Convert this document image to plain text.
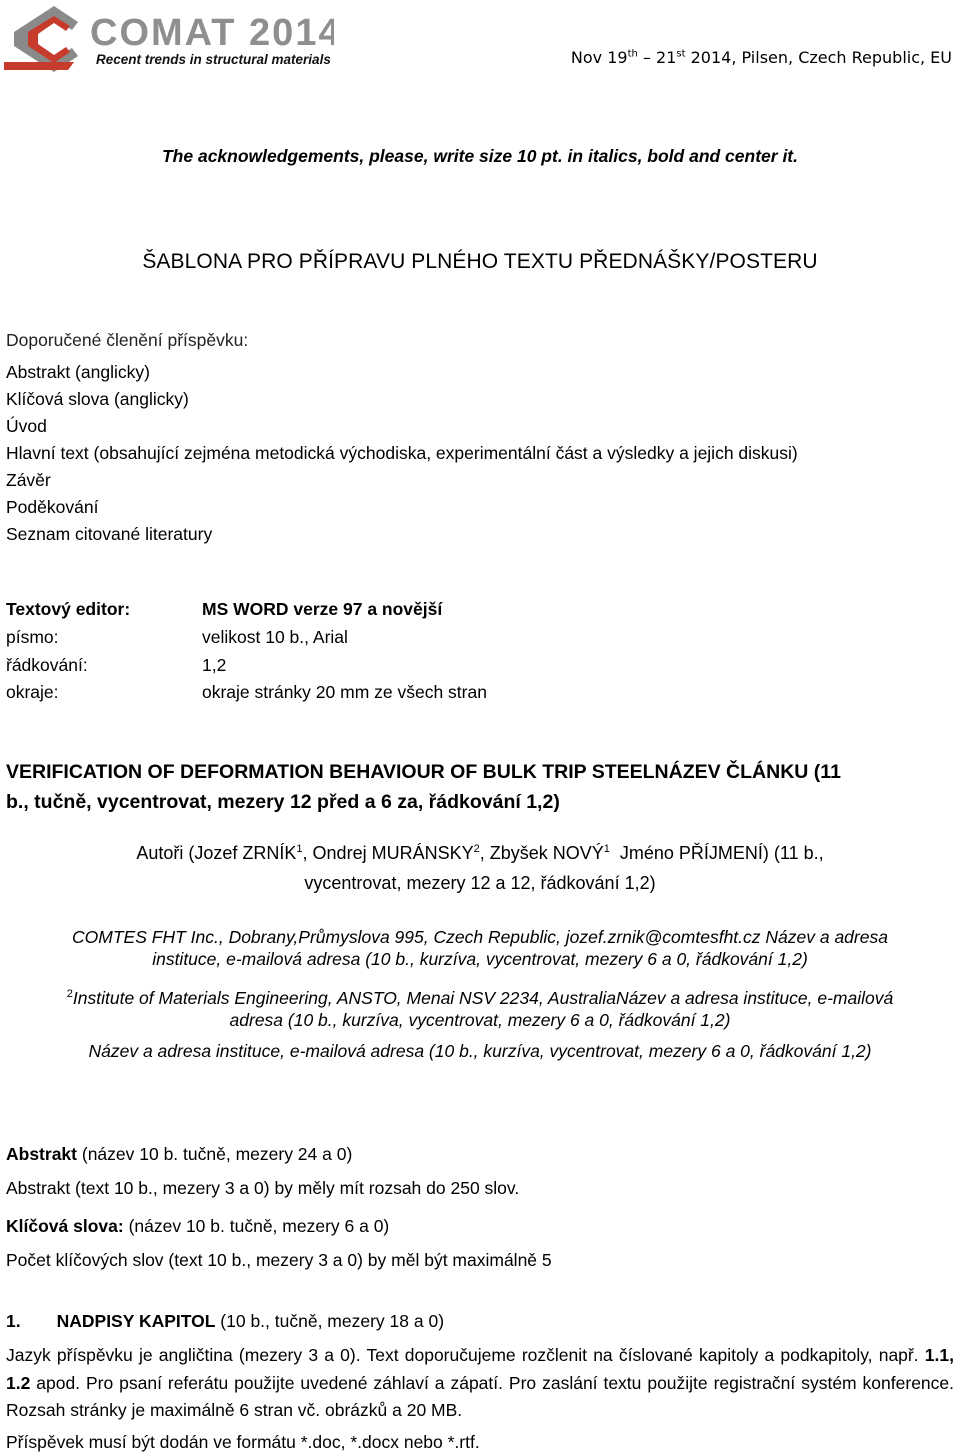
COMAT 2014
Recent trends in structural materials	Nov 19th – 21st 2014, Pilsen, Czech Republic, EU
The acknowledgements, please, write size 10 pt. in italics, bold and center it.
ŠABLONA PRO PŘÍPRAVU PLNÉHO TEXTU PŘEDNÁŠKY/POSTERU
Doporučené členění příspěvku:
Abstrakt (anglicky)
Klíčová slova (anglicky)
Úvod
Hlavní text (obsahující zejména metodická východiska, experimentální část a výsledky a jejich diskusi)
Závěr
Poděkování
Seznam citované literatury
Textový editor:	MS WORD verze 97 a novější
písmo:	velikost 10 b., Arial
řádkování:	1,2
okraje:	okraje stránky 20 mm ze všech stran
VERIFICATION OF DEFORMATION BEHAVIOUR OF BULK TRIP STEELNÁZEV ČLÁNKU (11
b., tučně, vycentrovat, mezery 12 před a 6 za, řádkování 1,2)
Autoři (Jozef ZRNÍK$^1$, Ondrej MURÁNSKY$^2$, Zbyšek NOVÝ$^1$  Jméno PŘÍJMENÍ) (11 b.,
vycentrovat, mezery 12 a 12, řádkování 1,2)
COMTES FHT Inc., Dobrany,Průmyslova 995, Czech Republic, jozef.zrnik@comtesfht.cz Název a adresa
instituce, e-mailová adresa (10 b., kurzíva, vycentrovat, mezery 6 a 0, řádkování 1,2)
$^2$Institute of Materials Engineering, ANSTO, Menai NSV 2234, AustraliaNázev a adresa instituce, e-mailová
adresa (10 b., kurzíva, vycentrovat, mezery 6 a 0, řádkování 1,2)
Název a adresa instituce, e-mailová adresa (10 b., kurzíva, vycentrovat, mezery 6 a 0, řádkování 1,2)
Abstrakt (název 10 b. tučně, mezery 24 a 0)
Abstrakt (text 10 b., mezery 3 a 0) by měly mít rozsah do 250 slov.
Klíčová slova: (název 10 b. tučně, mezery 6 a 0)
Počet klíčových slov (text 10 b., mezery 3 a 0) by měl být maximálně 5
1. NADPISY KAPITOL (10 b., tučně, mezery 18 a 0)
Jazyk příspěvku je angličtina (mezery 3 a 0). Text doporučujeme rozčlenit na číslované kapitoly a podkapitoly, např. 1.1, 1.2 apod. Pro psaní referátu použijte uvedené záhlaví a zápatí. Pro zaslání textu použijte registrační systém konference. Rozsah stránky je maximálně 6 stran vč. obrázků a 20 MB.
Příspěvek musí být dodán ve formátu *.doc, *.docx nebo *.rtf.
